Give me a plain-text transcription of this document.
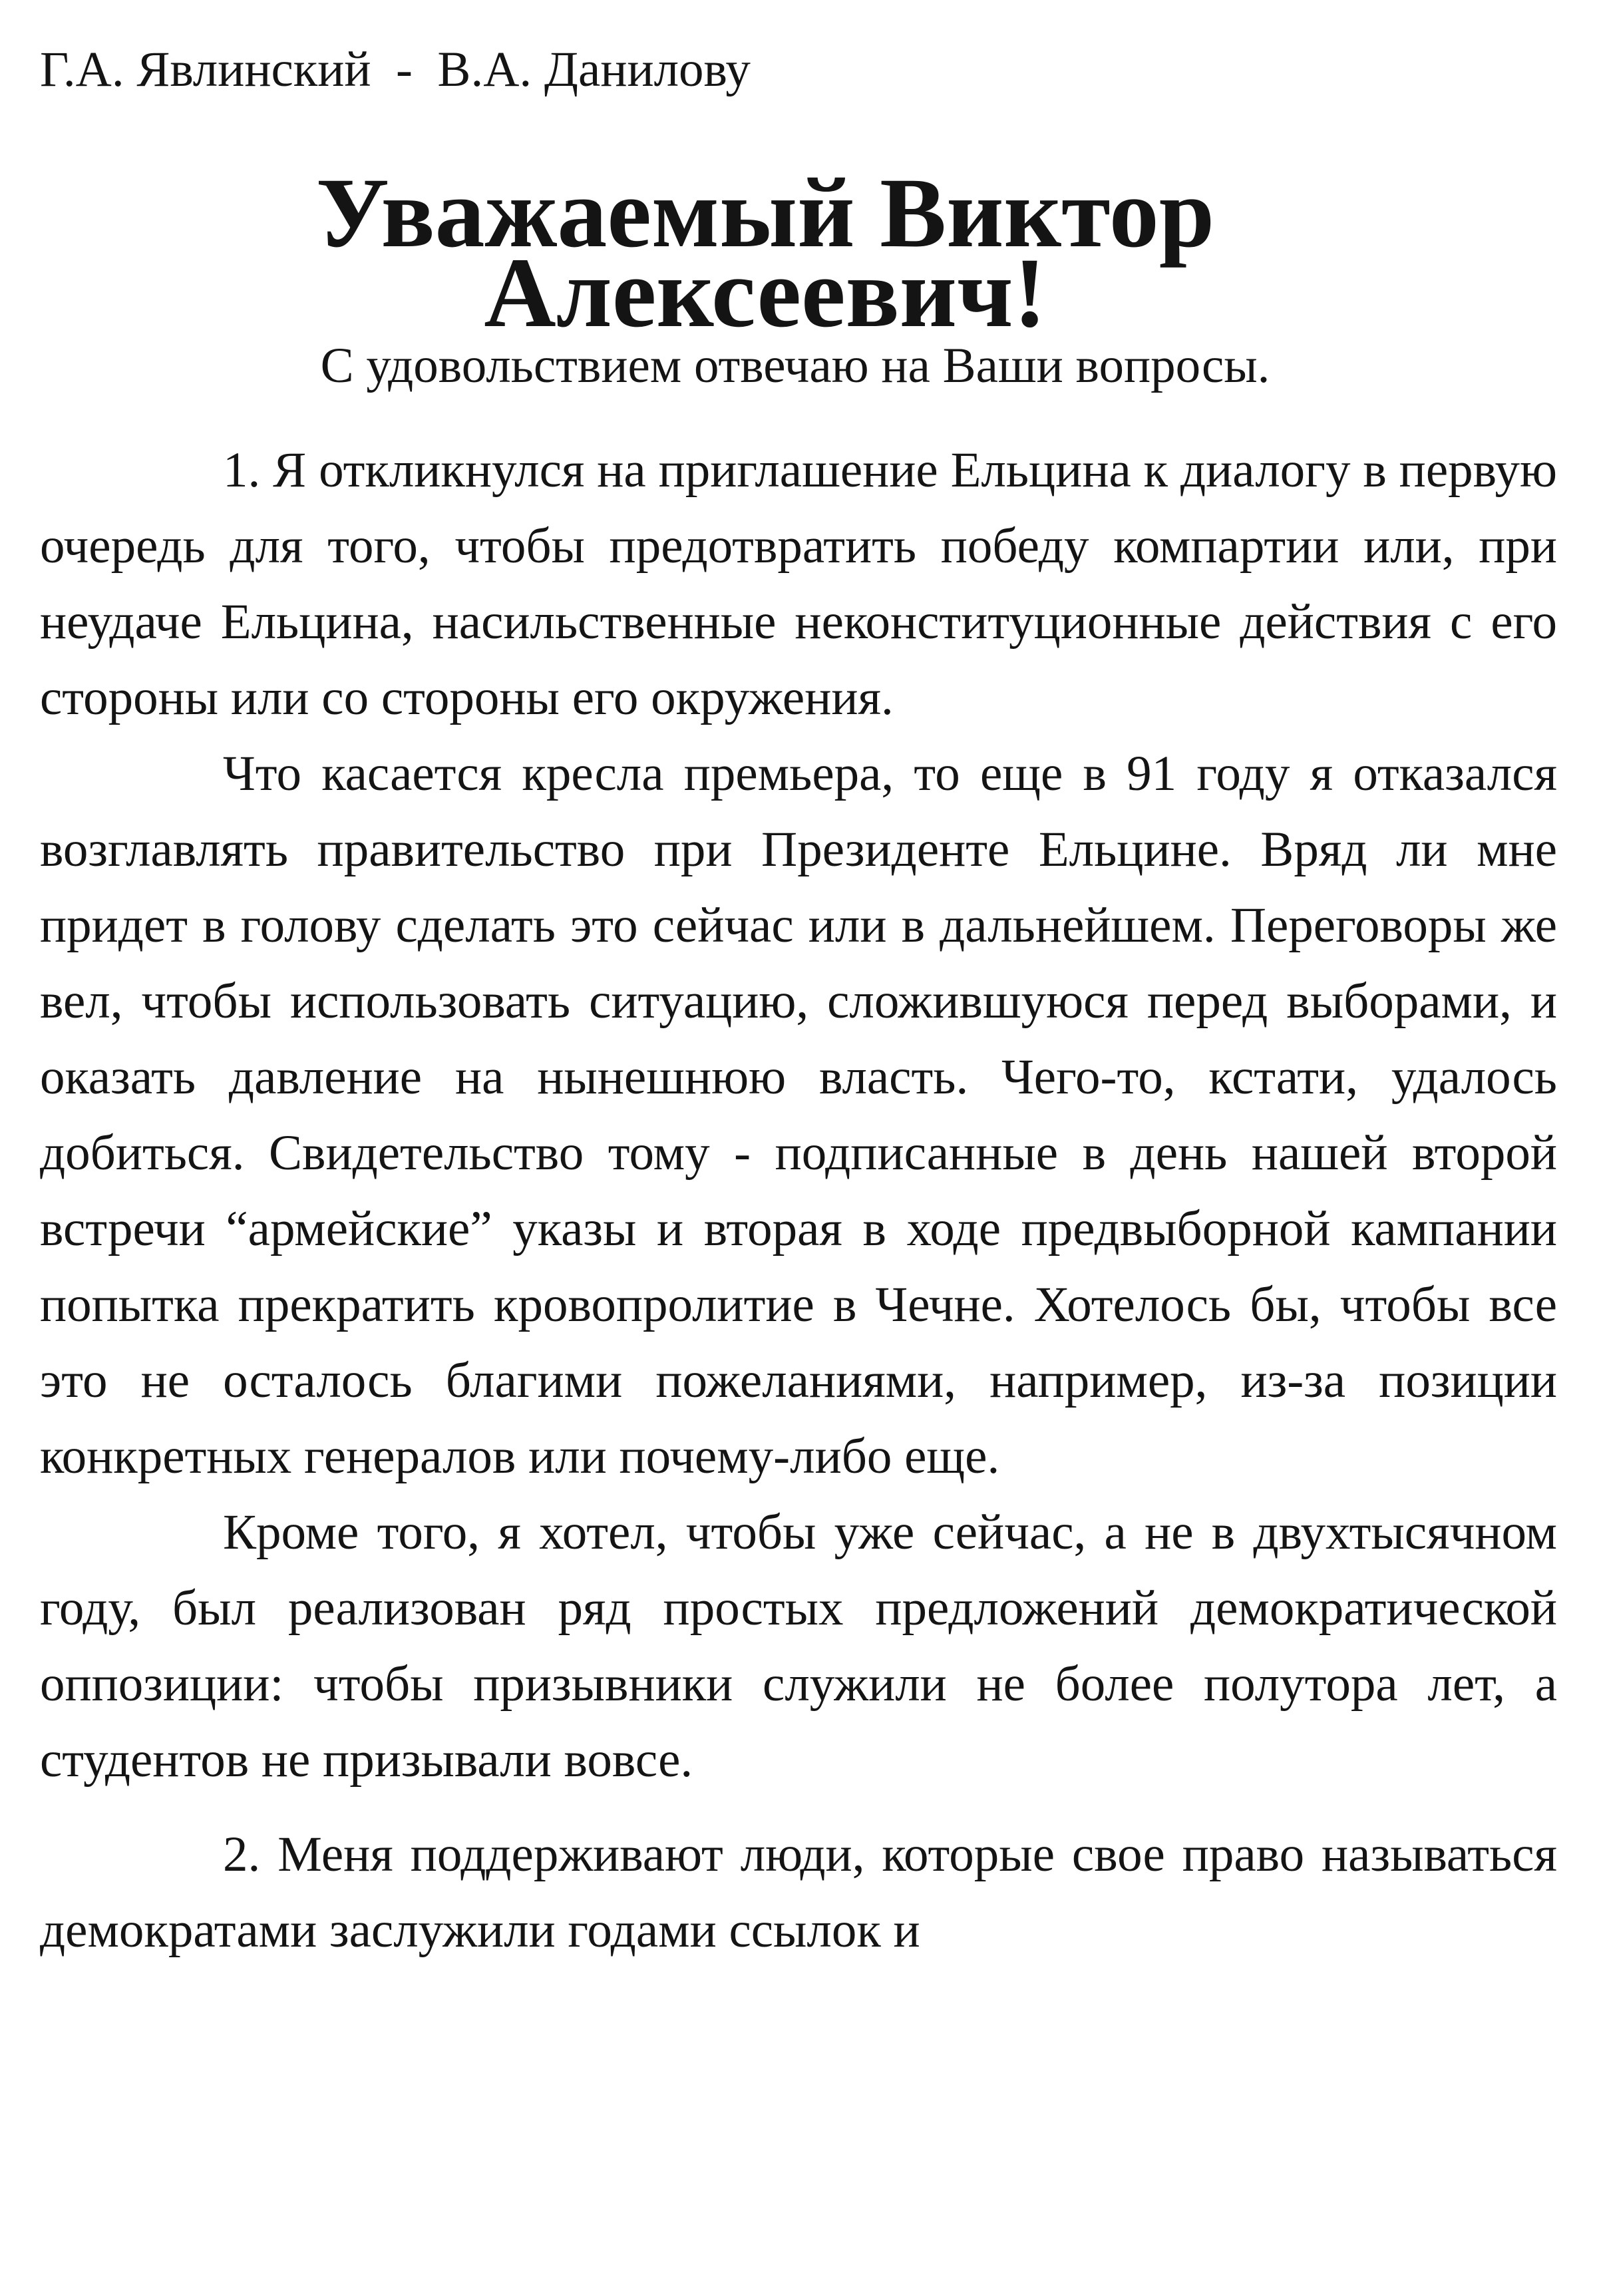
Г.А. Явлинский  -  В.А. Данилову

Уважаемый Виктор Алексеевич!

С удовольствием отвечаю на Ваши вопросы.

1. Я откликнулся на приглашение Ельцина к диалогу в первую очередь для того, чтобы предотвратить победу компартии или, при неудаче Ельцина, насильственные неконституционные действия с его стороны или со стороны его окружения.

Что касается кресла премьера, то еще в 91 году я отказался возглавлять правительство при Президенте Ельцине. Вряд ли мне придет в голову сделать это сейчас или в дальнейшем. Переговоры же вел, чтобы использовать ситуацию, сложившуюся перед выборами, и оказать давление на нынешнюю власть. Чего-то, кстати, удалось добиться. Свидетельство тому - подписанные в день нашей второй встречи “армейские” указы и вторая в ходе предвыборной кампании попытка прекратить кровопролитие в Чечне. Хотелось бы, чтобы все это не осталось благими пожеланиями, например, из-за позиции конкретных генералов или почему-либо еще.

Кроме того, я хотел, чтобы уже сейчас, а не в двухтысячном году, был реализован ряд простых предложений демократической оппозиции: чтобы призывники служили не более полутора лет, а студентов не призывали вовсе.

2. Меня поддерживают люди, которые свое право называться демократами заслужили годами ссылок и
